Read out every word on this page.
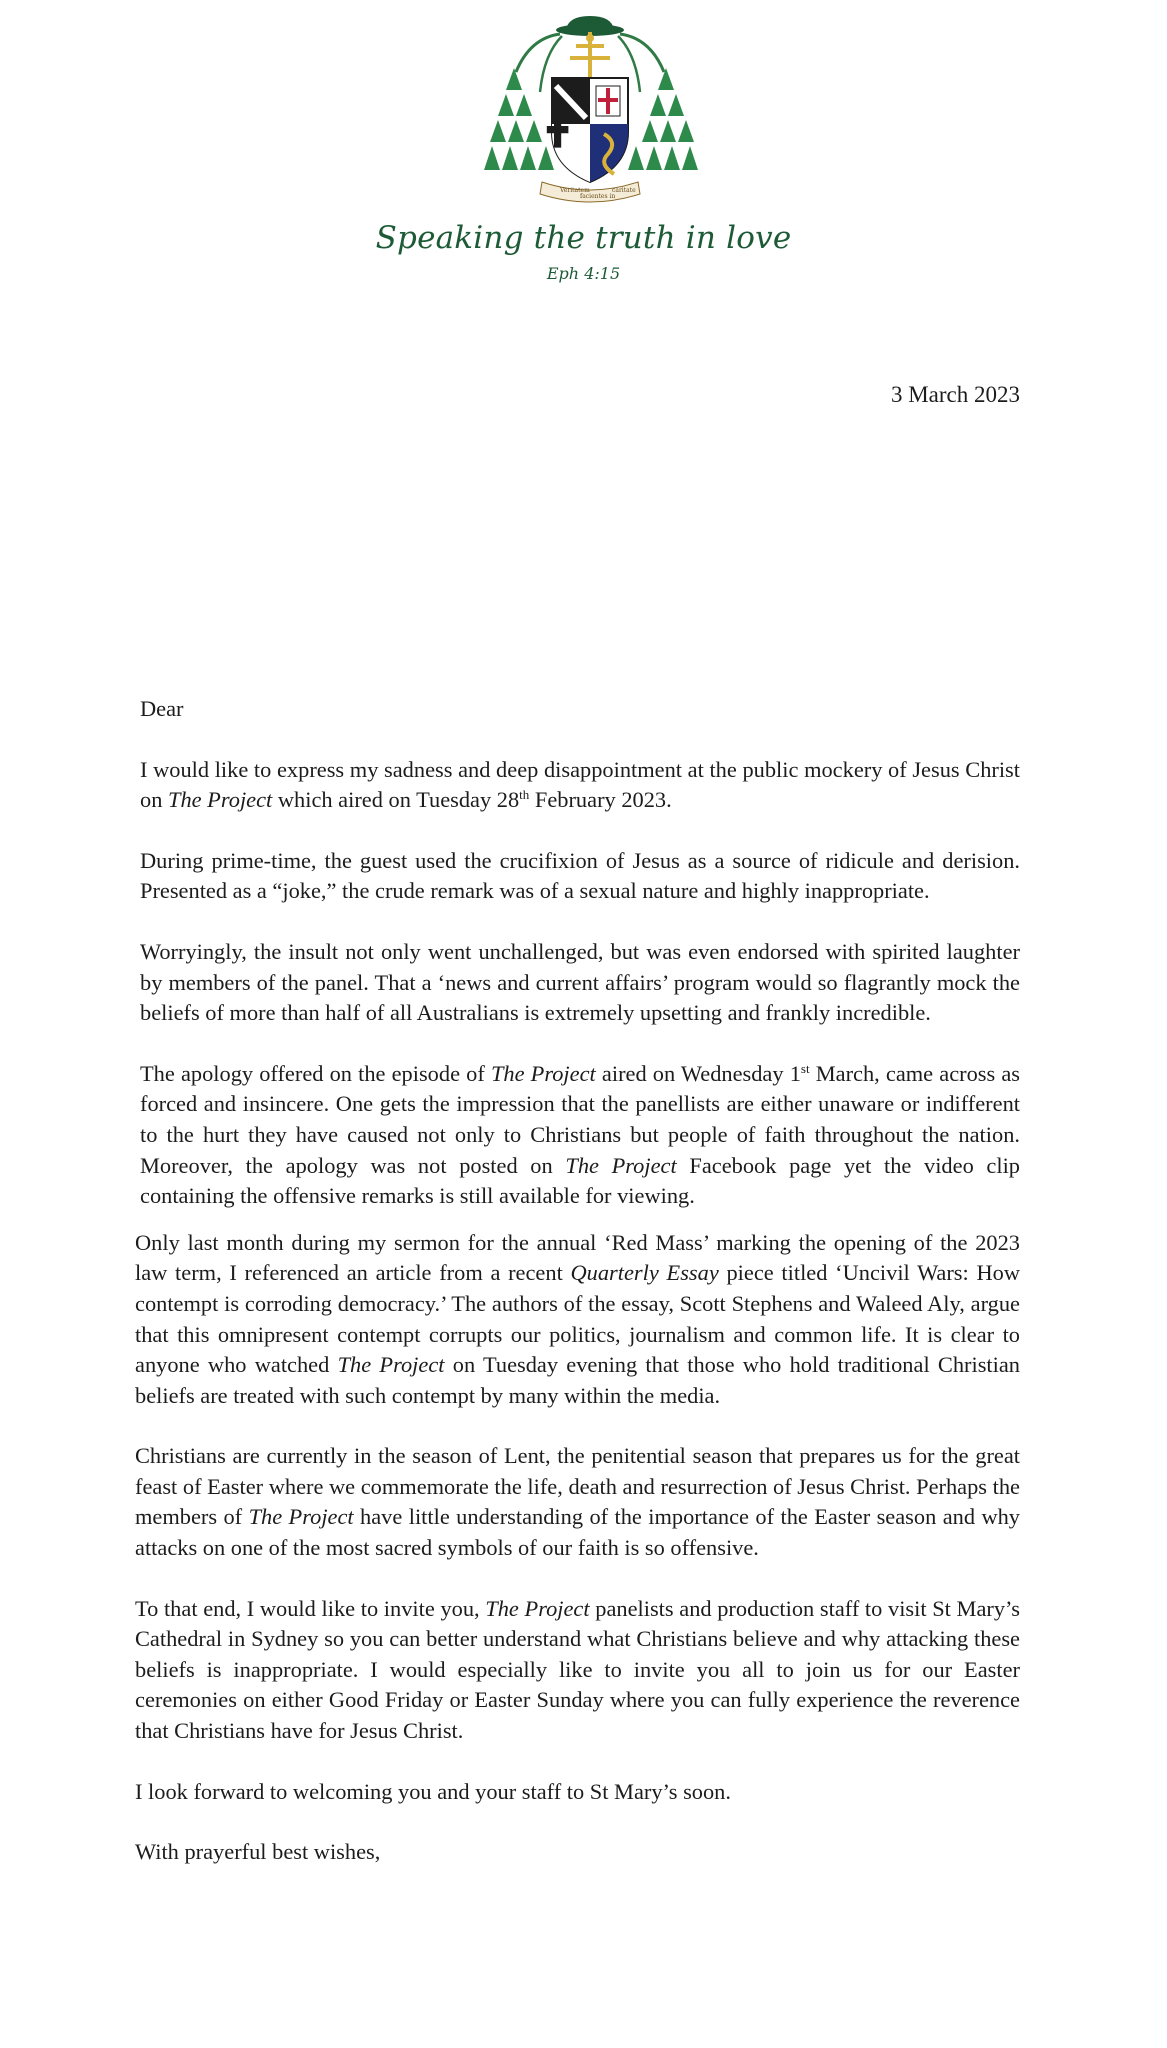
Veritatem
facientes in
caritate
Speaking the truth in love
Eph 4:15
3 March 2023
Dear

I would like to express my sadness and deep disappointment at the public mockery of Jesus Christ on The Project which aired on Tuesday 28th February 2023.

During prime-time, the guest used the crucifixion of Jesus as a source of ridicule and derision. Presented as a “joke,” the crude remark was of a sexual nature and highly inappropriate.

Worryingly, the insult not only went unchallenged, but was even endorsed with spirited laughter by members of the panel. That a ‘news and current affairs’ program would so flagrantly mock the beliefs of more than half of all Australians is extremely upsetting and frankly incredible.

The apology offered on the episode of The Project aired on Wednesday 1st March, came across as forced and insincere. One gets the impression that the panellists are either unaware or indifferent to the hurt they have caused not only to Christians but people of faith throughout the nation. Moreover, the apology was not posted on The Project Facebook page yet the video clip containing the offensive remarks is still available for viewing.

Only last month during my sermon for the annual ‘Red Mass’ marking the opening of the 2023 law term, I referenced an article from a recent Quarterly Essay piece titled ‘Uncivil Wars: How contempt is corroding democracy.’ The authors of the essay, Scott Stephens and Waleed Aly, argue that this omnipresent contempt corrupts our politics, journalism and common life. It is clear to anyone who watched The Project on Tuesday evening that those who hold traditional Christian beliefs are treated with such contempt by many within the media.

Christians are currently in the season of Lent, the penitential season that prepares us for the great feast of Easter where we commemorate the life, death and resurrection of Jesus Christ. Perhaps the members of The Project have little understanding of the importance of the Easter season and why attacks on one of the most sacred symbols of our faith is so offensive.

To that end, I would like to invite you, The Project panelists and production staff to visit St Mary’s Cathedral in Sydney so you can better understand what Christians believe and why attacking these beliefs is inappropriate. I would especially like to invite you all to join us for our Easter ceremonies on either Good Friday or Easter Sunday where you can fully experience the reverence that Christians have for Jesus Christ.

I look forward to welcoming you and your staff to St Mary’s soon.

With prayerful best wishes,
